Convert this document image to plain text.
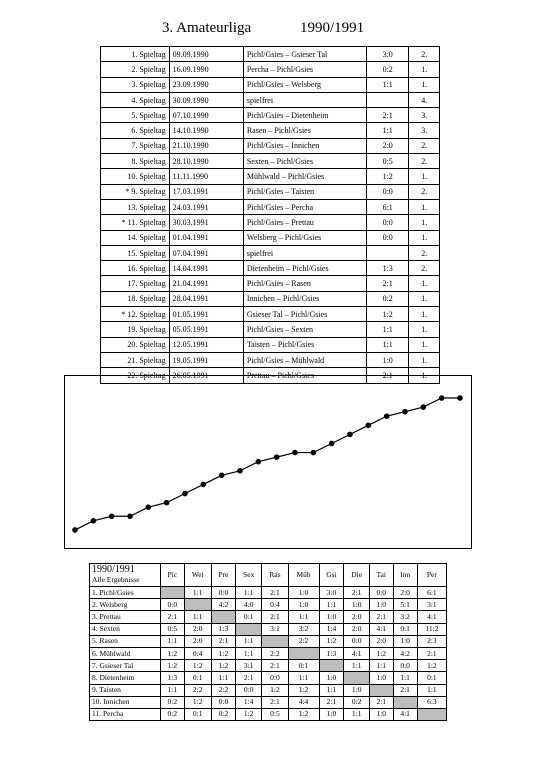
3. Amateurliga	1990/1991
1. Spieltag	09.09.1990	Pichl/Gsies – Gsieser Tal	3:0	2.
2. Spieltag	16.09.1990	Percha – Pichl/Gsies	0:2	1.
3. Spieltag	23.09.1990	Pichl/Gsies – Welsberg	1:1	1.
4. Spieltag	30.09.1990	spielfrei		4.
5. Spieltag	07.10.1990	Pichl/Gsies – Dietenheim	2:1	3.
6. Spieltag	14.10.1990	Rasen – Pichl/Gsies	1:1	3.
7. Spieltag	21.10.1990	Pichl/Gsies – Innichen	2:0	2.
8. Spieltag	28.10.1990	Sexten – Pichl/Gsies	0:5	2.
10. Spieltag	11.11.1990	Mühlwald – Pichl/Gsies	1:2	1.
* 9. Spieltag	17.03.1991	Pichl/Gsies – Taisten	0:0	2.
13. Spieltag	24.03.1991	Pichl/Gsies – Percha	6:1	1.
* 11. Spieltag	30.03.1991	Pichl/Gsies – Prettau	0:0	1.
14. Spieltag	01.04.1991	Welsberg – Pichl/Gsies	0:0	1.
15. Spieltag	07.04.1991	spielfrei		2.
16. Spieltag	14.04.1991	Dietenheim – Pichl/Gsies	1:3	2.
17. Spieltag	21.04.1991	Pichl/Gsies – Rasen	2:1	1.
18. Spieltag	28.04.1991	Innichen – Pichl/Gsies	0:2	1.
* 12. Spieltag	01.05.1991	Gsieser Tal – Pichl/Gsies	1:2	1.
19. Spieltag	05.05.1991	Pichl/Gsies – Sexten	1:1	1.
20. Spieltag	12.05.1991	Taisten – Pichl/Gsies	1:1	1.
21. Spieltag	19.05.1991	Pichl/Gsies – Mühlwald	1:0	1.
22. Spieltag	26.05.1991	Prettau – Pichl/Gsies	2:1	1.
1990/1991
Alle Ergebnisse	Pic	Wel	Pre	Sex	Ras	Müh	Gsi	Die	Tai	Inn	Per
1. Pichl/Gsies		1:1	0:0	1:1	2:1	1:0	3:0	2:1	0:0	2:0	6:1
2. Welsberg	0:0		4:2	4:0	0:4	1:0	1:1	1:0	1:0	5:1	3:1
3. Prettau	2:1	1:1		0:1	2:1	1:1	1:0	2:0	2:1	3:2	4:1
4. Sexten	0:5	2:0	1:3		3:1	3:2	1:4	2:0	4:1	0:1	11:2
5. Rasen	1:1	2:0	2:1	1:1		2:2	1:2	0:0	2:0	1:0	2:3
6. Mühlwald	1:2	0:4	1:2	1:1	2:2		1:3	4:1	1:2	4:2	2:1
7. Gsieser Tal	1:2	1:2	1:2	3:1	2:1	0:1		1:1	1:1	0:0	1:2
8. Dietenheim	1:3	0:1	1:1	2:1	0:0	1:1	1:0		1:0	1:1	0:1
9. Taisten	1:1	2:2	2:2	0:0	1:2	1:2	1:1	1:0		2:1	1:1
10. Innichen	0:2	1:2	0:0	1:4	2:1	4:4	2:1	0:2	2:1		6:3
11. Percha	0:2	0:1	0:2	1:2	0:5	1:2	1:0	1:1	1:0	4:1	
